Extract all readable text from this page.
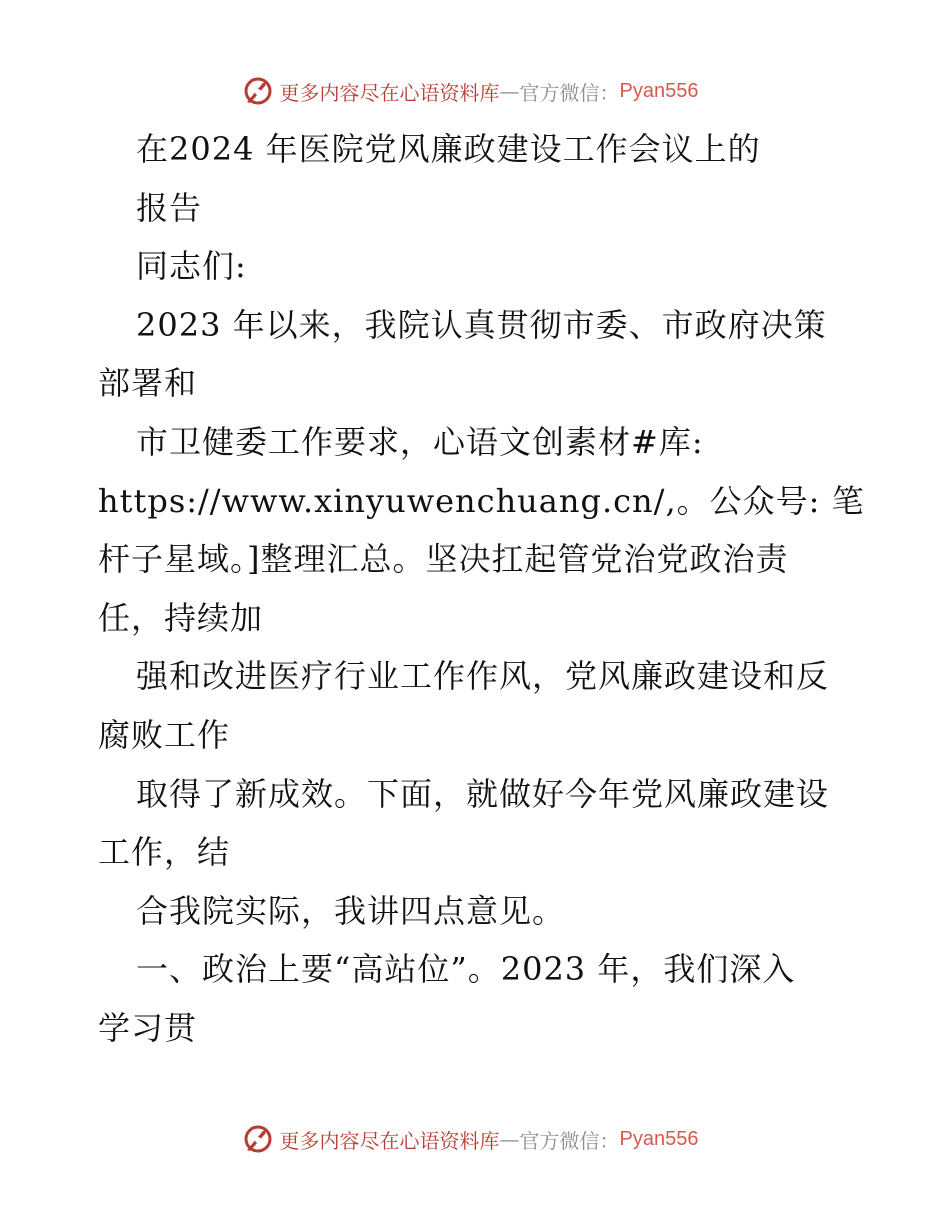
更多内容尽在心语资料库 — 官方微信： Pyan556
在2024 年医院党风廉政建设工作会议上的
报告
同志们:
2023 年以来，我院认真贯彻市委、市政府决策
部署和
市卫健委工作要求，心语文创素材#库:
https://www.xinyuwenchuang.cn/,。公众号: 笔
杆子星域。]整理汇总。坚决扛起管党治党政治责
任，持续加
强和改进医疗行业工作作风，党风廉政建设和反
腐败工作
取得了新成效。下面，就做好今年党风廉政建设
工作，结
合我院实际，我讲四点意见。
一、政治上要“高站位”。2023 年，我们深入
学习贯
更多内容尽在心语资料库 — 官方微信： Pyan556
